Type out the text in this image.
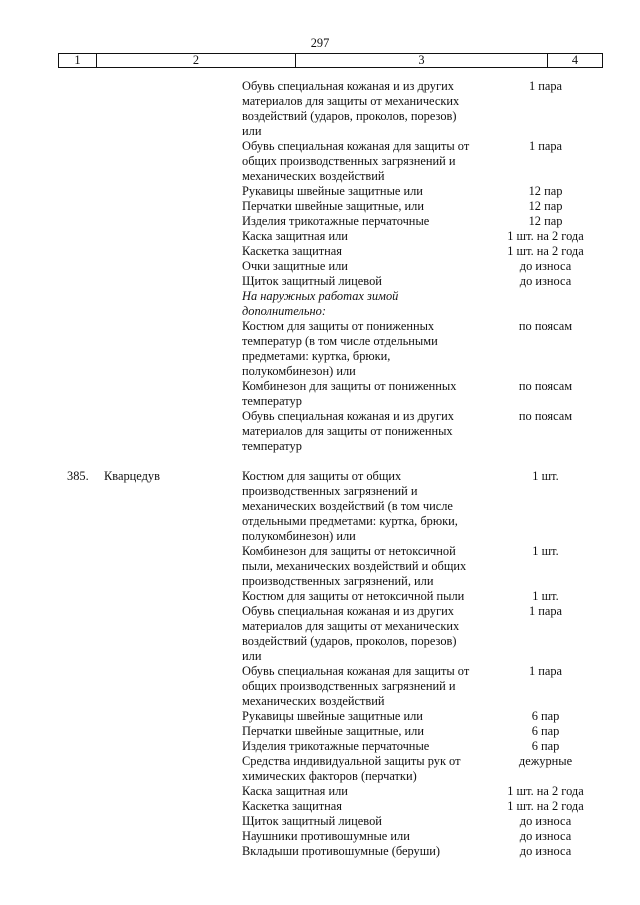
297
1	2	3	4
Обувь специальная кожаная и из других	1 пара
материалов для защиты от механических
воздействий (ударов, проколов, порезов)
или
Обувь специальная кожаная для защиты от	1 пара
общих производственных загрязнений и
механических воздействий
Рукавицы швейные защитные или	12 пар
Перчатки швейные защитные, или	12 пар
Изделия трикотажные перчаточные	12 пар
Каска защитная или	1 шт. на 2 года
Каскетка защитная	1 шт. на 2 года
Очки защитные или	до износа
Щиток защитный лицевой	до износа
На наружных работах зимой
дополнительно:
Костюм для защиты от пониженных	по поясам
температур (в том числе отдельными
предметами: куртка, брюки,
полукомбинезон) или
Комбинезон для защиты от пониженных	по поясам
температур
Обувь специальная кожаная и из других	по поясам
материалов для защиты от пониженных
температур
385. Кварцедув	Костюм для защиты от общих	1 шт.
производственных загрязнений и
механических воздействий (в том числе
отдельными предметами: куртка, брюки,
полукомбинезон) или
Комбинезон для защиты от нетоксичной	1 шт.
пыли, механических воздействий и общих
производственных загрязнений, или
Костюм для защиты от нетоксичной пыли	1 шт.
Обувь специальная кожаная и из других	1 пара
материалов для защиты от механических
воздействий (ударов, проколов, порезов)
или
Обувь специальная кожаная для защиты от	1 пара
общих производственных загрязнений и
механических воздействий
Рукавицы швейные защитные или	6 пар
Перчатки швейные защитные, или	6 пар
Изделия трикотажные перчаточные	6 пар
Средства индивидуальной защиты рук от	дежурные
химических факторов (перчатки)
Каска защитная или	1 шт. на 2 года
Каскетка защитная	1 шт. на 2 года
Щиток защитный лицевой	до износа
Наушники противошумные или	до износа
Вкладыши противошумные (беруши)	до износа
